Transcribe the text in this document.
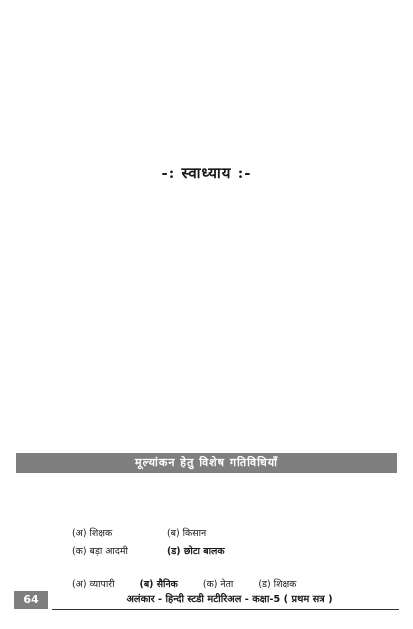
-: स्वाध्याय :-
मूल्यांकन हेतु विशेष गतिविधियाँ
(अ) शिक्षक	(ब) किसान
(क) बड़ा आदमी	(ड) छोटा बालक
(अ) व्यापारी	(ब) सैनिक	(क) नेता	(ड) शिक्षक
64	अलंकार - हिन्दी स्टडी मटीरिअल - कक्षा-5 ( प्रथम सत्र )
